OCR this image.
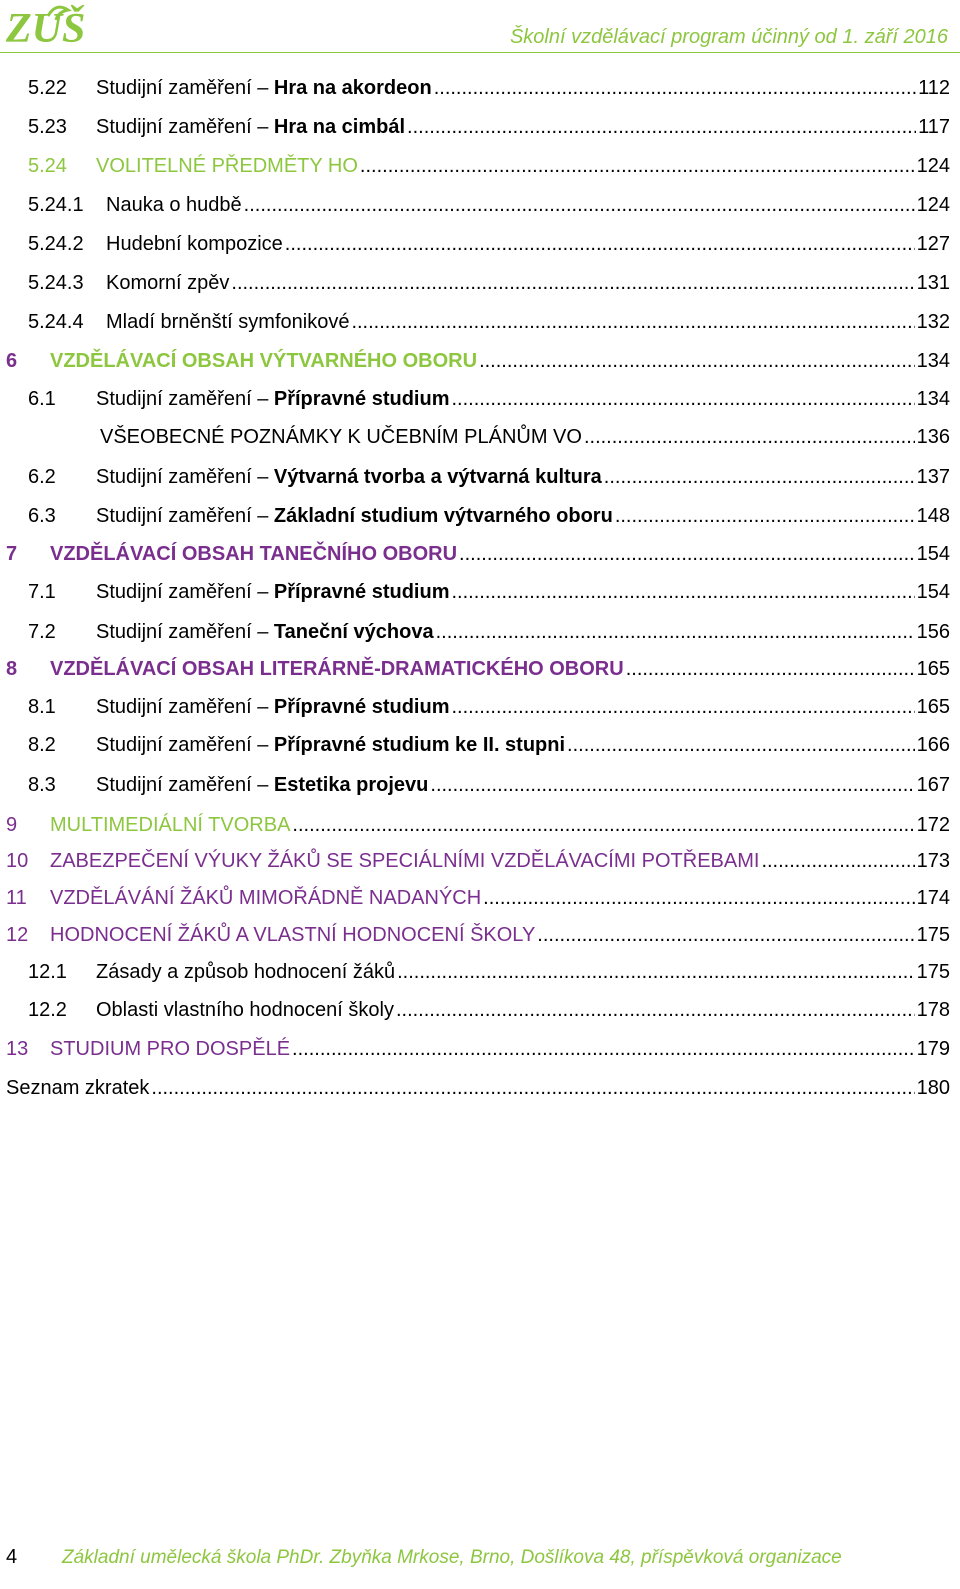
ZUŠ	Školní vzdělávací program účinný od 1. září 2016
5.22 Studijní zaměření – Hra na akordeon .....	112
5.23 Studijní zaměření – Hra na cimbál .....	117
5.24 VOLITELNÉ PŘEDMĚTY HO .....	124
5.24.1 Nauka o hudbě .....	124
5.24.2 Hudební kompozice .....	127
5.24.3 Komorní zpěv .....	131
5.24.4 Mladí brněnští symfonikové .....	132
6 VZDĚLÁVACÍ OBSAH VÝTVARNÉHO OBORU .....	134
6.1 Studijní zaměření – Přípravné studium .....	134
VŠEOBECNÉ POZNÁMKY K UČEBNÍM PLÁNŮM VO .....	136
6.2 Studijní zaměření – Výtvarná tvorba a výtvarná kultura .....	137
6.3 Studijní zaměření – Základní studium výtvarného oboru .....	148
7 VZDĚLÁVACÍ OBSAH TANEČNÍHO OBORU .....	154
7.1 Studijní zaměření – Přípravné studium .....	154
7.2 Studijní zaměření – Taneční výchova .....	156
8 VZDĚLÁVACÍ OBSAH LITERÁRNĚ-DRAMATICKÉHO OBORU .....	165
8.1 Studijní zaměření – Přípravné studium .....	165
8.2 Studijní zaměření – Přípravné studium ke II. stupni .....	166
8.3 Studijní zaměření – Estetika projevu .....	167
9 MULTIMEDIÁLNÍ TVORBA .....	172
10 ZABEZPEČENÍ VÝUKY ŽÁKŮ SE SPECIÁLNÍMI VZDĚLÁVACÍMI POTŘEBAMI .....	173
11 VZDĚLÁVÁNÍ ŽÁKŮ MIMOŘÁDNĚ NADANÝCH .....	174
12 HODNOCENÍ ŽÁKŮ A VLASTNÍ HODNOCENÍ ŠKOLY .....	175
12.1 Zásady a způsob hodnocení žáků .....	175
12.2 Oblasti vlastního hodnocení školy .....	178
13 STUDIUM PRO DOSPĚLÉ .....	179
Seznam zkratek .....	180
4 Základní umělecká škola PhDr. Zbyňka Mrkose, Brno, Došlíkova 48, příspěvková organizace
